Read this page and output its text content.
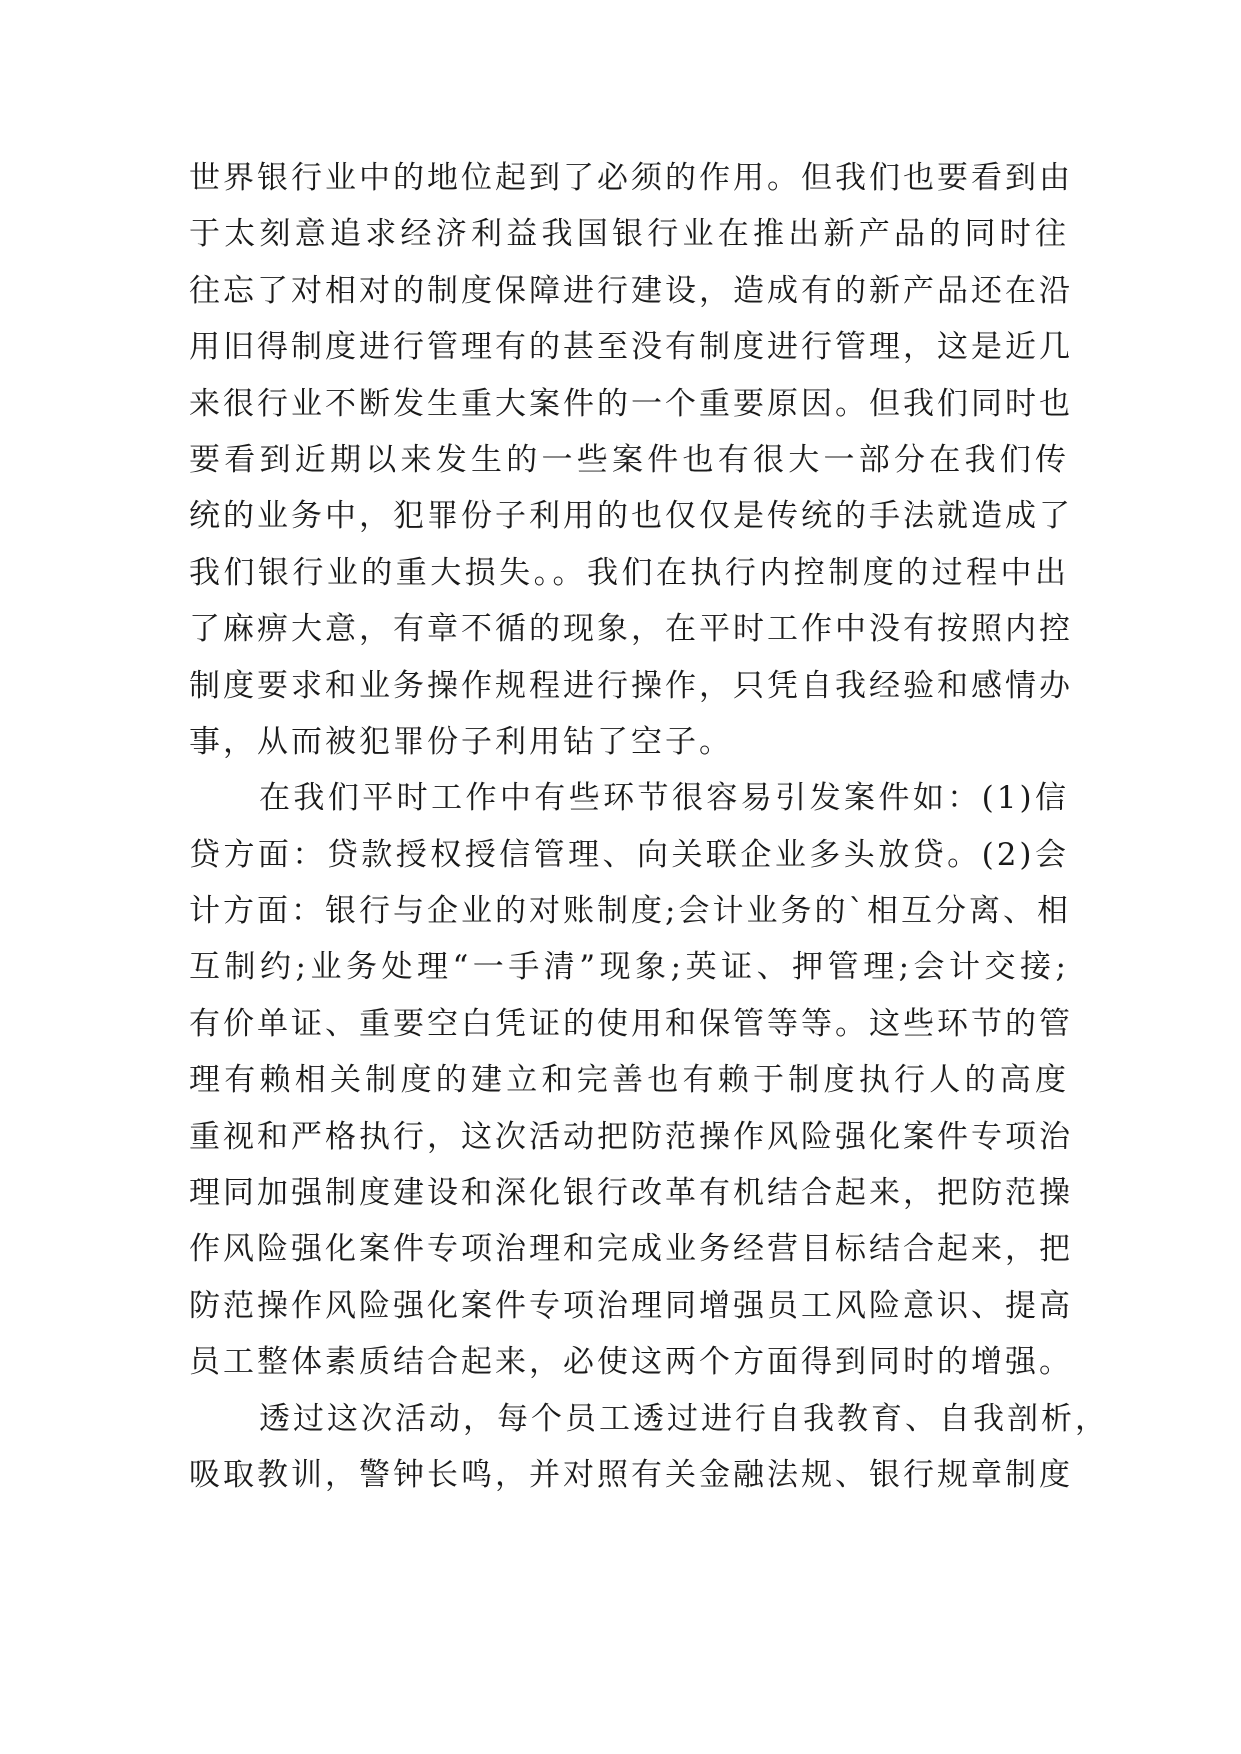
世界银行业中的地位起到了必须的作用。但我们也要看到由
于太刻意追求经济利益我国银行业在推出新产品的同时往
往忘了对相对的制度保障进行建设，造成有的新产品还在沿
用旧得制度进行管理有的甚至没有制度进行管理，这是近几
来很行业不断发生重大案件的一个重要原因。但我们同时也
要看到近期以来发生的一些案件也有很大一部分在我们传
统的业务中，犯罪份子利用的也仅仅是传统的手法就造成了
我们银行业的重大损失。。我们在执行内控制度的过程中出
了麻痹大意，有章不循的现象，在平时工作中没有按照内控
制度要求和业务操作规程进行操作，只凭自我经验和感情办
事，从而被犯罪份子利用钻了空子。
在我们平时工作中有些环节很容易引发案件如：(1)信
贷方面：贷款授权授信管理、向关联企业多头放贷。(2)会
计方面：银行与企业的对账制度;会计业务的`相互分离、相
互制约;业务处理“一手清”现象;英证、押管理;会计交接;
有价单证、重要空白凭证的使用和保管等等。这些环节的管
理有赖相关制度的建立和完善也有赖于制度执行人的高度
重视和严格执行，这次活动把防范操作风险强化案件专项治
理同加强制度建设和深化银行改革有机结合起来，把防范操
作风险强化案件专项治理和完成业务经营目标结合起来，把
防范操作风险强化案件专项治理同增强员工风险意识、提高
员工整体素质结合起来，必使这两个方面得到同时的增强。
透过这次活动，每个员工透过进行自我教育、自我剖析，
吸取教训，警钟长鸣，并对照有关金融法规、银行规章制度
